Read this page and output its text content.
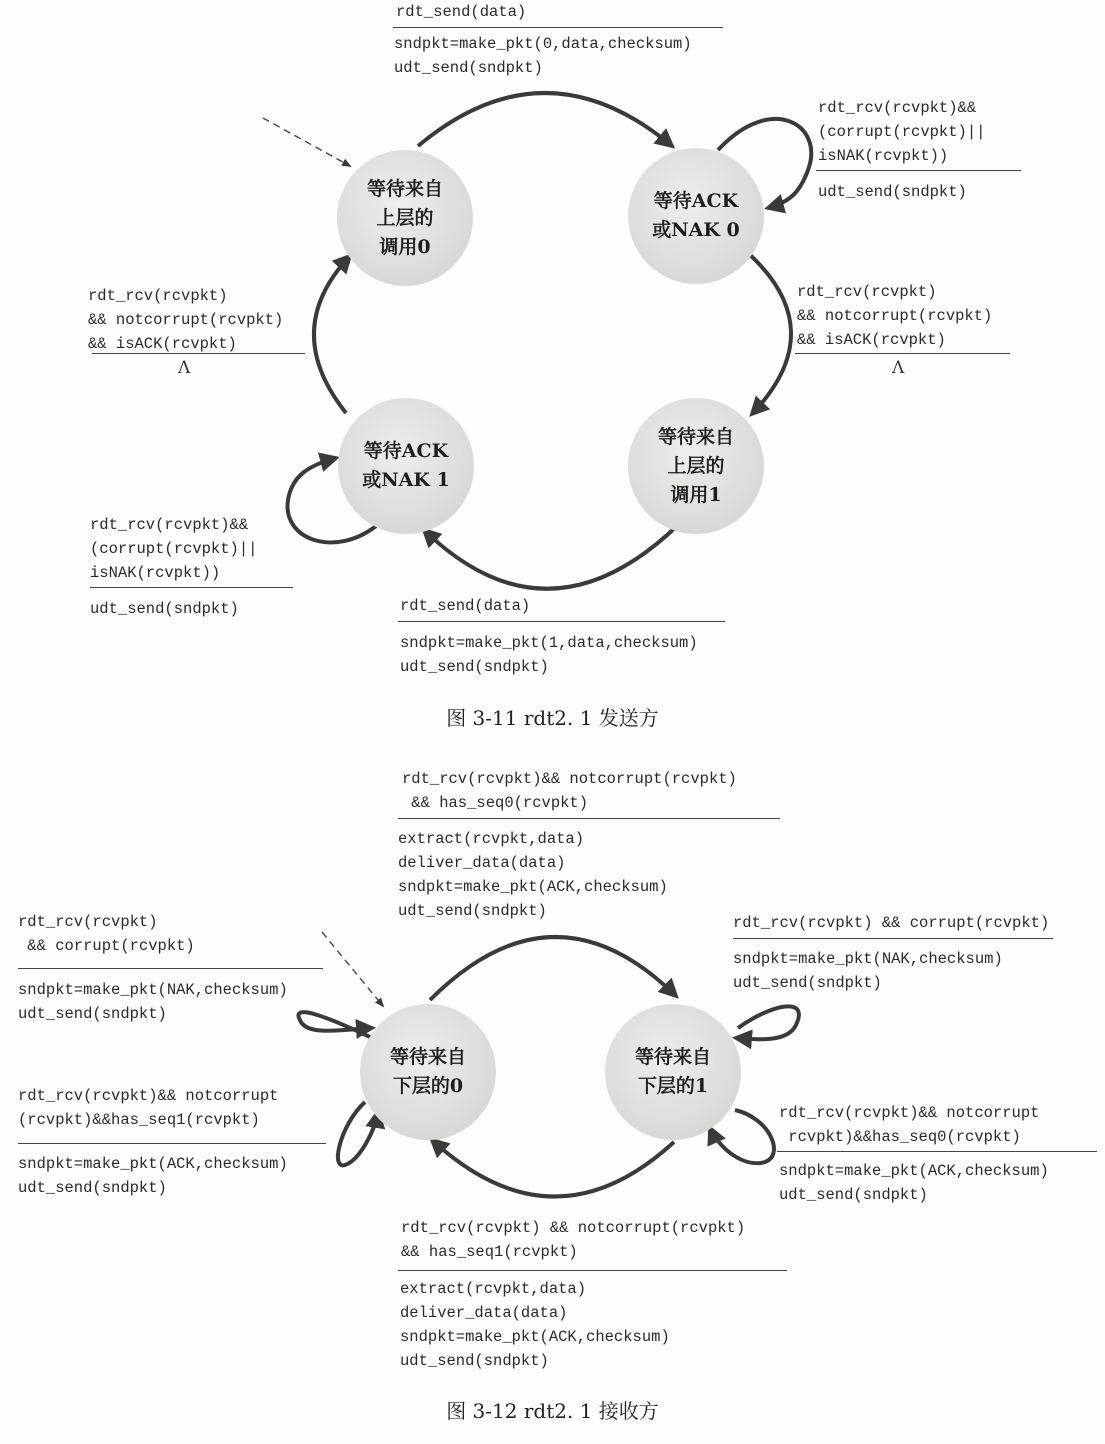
等待来自
上层的
调用0
等待ACK
或NAK 0
等待来自
上层的
调用1
等待ACK
或NAK 1
rdt_send(data)
sndpkt=make_pkt(0,data,checksum)
udt_send(sndpkt)
rdt_rcv(rcvpkt)&&
(corrupt(rcvpkt)||
isNAK(rcvpkt))
udt_send(sndpkt)
rdt_rcv(rcvpkt)
&& notcorrupt(rcvpkt)
&& isACK(rcvpkt)
Λ
rdt_rcv(rcvpkt)
&& notcorrupt(rcvpkt)
&& isACK(rcvpkt)
Λ
rdt_rcv(rcvpkt)&&
(corrupt(rcvpkt)||
isNAK(rcvpkt))
udt_send(sndpkt)	rdt_send(data)
sndpkt=make_pkt(1,data,checksum)
udt_send(sndpkt)
图 3-11 rdt2. 1 发送方
等待来自
下层的0
等待来自
下层的1
rdt_rcv(rcvpkt)&& notcorrupt(rcvpkt)
&& has_seq0(rcvpkt)
extract(rcvpkt,data)
deliver_data(data)
sndpkt=make_pkt(ACK,checksum)
udt_send(sndpkt)
rdt_rcv(rcvpkt)
&& corrupt(rcvpkt)
sndpkt=make_pkt(NAK,checksum)
udt_send(sndpkt)
rdt_rcv(rcvpkt)&& notcorrupt
(rcvpkt)&&has_seq1(rcvpkt)
sndpkt=make_pkt(ACK,checksum)
udt_send(sndpkt)
rdt_rcv(rcvpkt) && corrupt(rcvpkt)
sndpkt=make_pkt(NAK,checksum)
udt_send(sndpkt)
rdt_rcv(rcvpkt)&& notcorrupt
rcvpkt)&&has_seq0(rcvpkt)
sndpkt=make_pkt(ACK,checksum)
udt_send(sndpkt)
rdt_rcv(rcvpkt) && notcorrupt(rcvpkt)
&& has_seq1(rcvpkt)
extract(rcvpkt,data)
deliver_data(data)
sndpkt=make_pkt(ACK,checksum)
udt_send(sndpkt)
图 3-12 rdt2. 1 接收方
